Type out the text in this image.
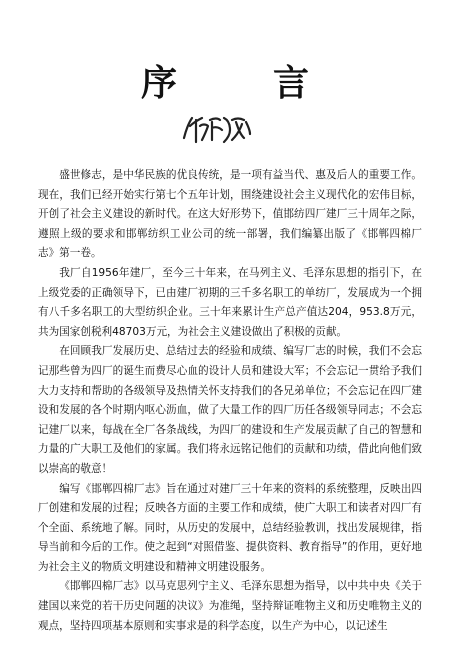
序　言

盛世修志，是中华民族的优良传统，是一项有益当代、惠及后人的重要工作。现在，我们已经开始实行第七个五年计划，围绕建设社会主义现代化的宏伟目标，开创了社会主义建设的新时代。在这大好形势下，值邯纺四厂建厂三十周年之际，遵照上级的要求和邯郸纺织工业公司的统一部署，我们编纂出版了《邯郸四棉厂志》第一卷。

我厂自1956年建厂，至今三十年来，在马列主义、毛泽东思想的指引下，在上级党委的正确领导下，已由建厂初期的三千多名职工的单纺厂，发展成为一个拥有八千多名职工的大型纺织企业。三十年来累计生产总产值达204，953.8万元，共为国家创税利48703万元，为社会主义建设做出了积极的贡献。

在回顾我厂发展历史、总结过去的经验和成绩、编写厂志的时候，我们不会忘记那些曾为四厂的诞生而费尽心血的设计人员和建设大军；不会忘记一贯给予我们大力支持和帮助的各级领导及热情关怀支持我们的各兄弟单位；不会忘记在四厂建设和发展的各个时期内呕心沥血，做了大量工作的四厂历任各级领导同志；不会忘记建厂以来，每战在全厂各条战线，为四厂的建设和生产发展贡献了自己的智慧和力量的广大职工及他们的家属。我们将永远铭记他们的贡献和功绩，借此向他们致以崇高的敬意！

编写《邯郸四棉厂志》旨在通过对建厂三十年来的资料的系统整理，反映出四厂创建和发展的过程；反映各方面的主要工作和成绩，使广大职工和读者对四厂有个全面、系统地了解。同时，从历史的发展中，总结经验教训，找出发展规律，指导当前和今后的工作。使之起到“对照借鉴、提供资料、教育指导”的作用，更好地为社会主义的物质文明建设和精神文明建设服务。

《邯郸四棉厂志》以马克思列宁主义、毛泽东思想为指导，以中共中央《关于建国以来党的若干历史问题的决议》为准绳，坚持辩证唯物主义和历史唯物主义的观点，坚持四项基本原则和实事求是的科学态度，以生产为中心，以记述生
